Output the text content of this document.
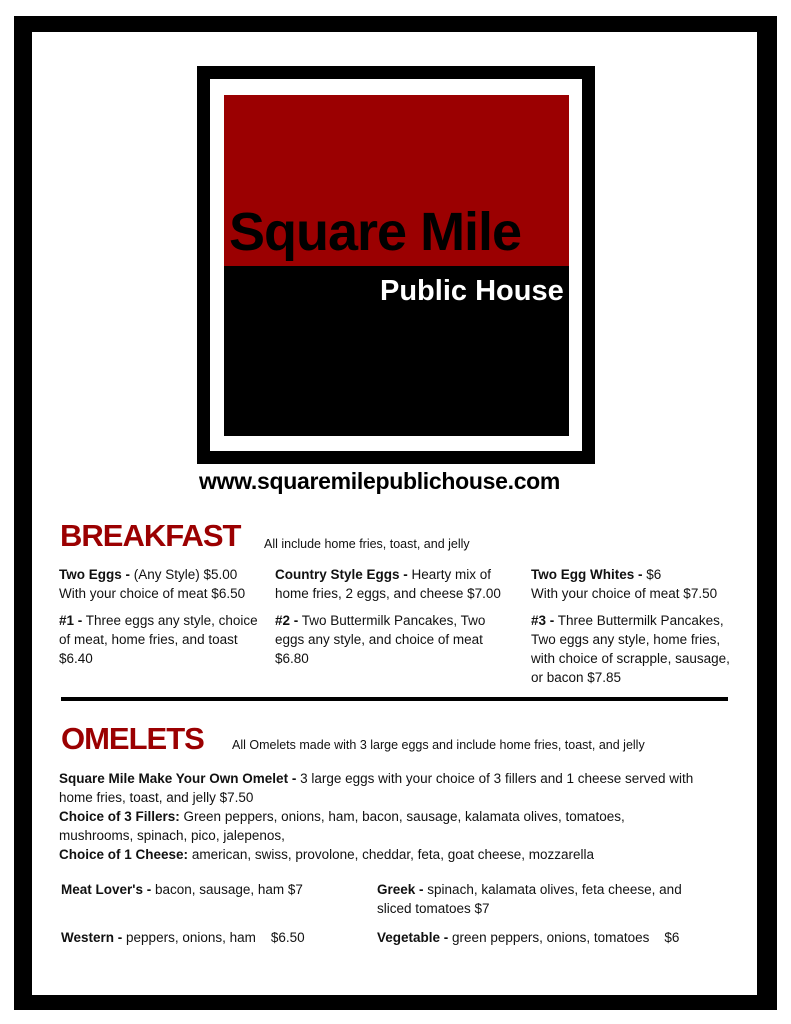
Square Mile
Public House
www.squaremilepublichouse.com
BREAKFAST All include home fries, toast, and jelly
Two Eggs - (Any Style) $5.00
With your choice of meat $6.50
Country Style Eggs - Hearty mix of
home fries, 2 eggs, and cheese $7.00
Two Egg Whites - $6
With your choice of meat $7.50
#1 - Three eggs any style, choice of meat, home fries, and toast $6.40
#2 - Two Buttermilk Pancakes, Two eggs any style, and choice of meat $6.80
#3 - Three Buttermilk Pancakes, Two eggs any style, home fries, with choice of scrapple, sausage, or bacon $7.85
OMELETS All Omelets made with 3 large eggs and include home fries, toast, and jelly
Square Mile Make Your Own Omelet - 3 large eggs with your choice of 3 fillers and 1 cheese served with home fries, toast, and jelly $7.50
Choice of 3 Fillers: Green peppers, onions, ham, bacon, sausage, kalamata olives, tomatoes, mushrooms, spinach, pico, jalepenos,
Choice of 1 Cheese: american, swiss, provolone, cheddar, feta, goat cheese, mozzarella
Meat Lover's - bacon, sausage, ham $7	Greek - spinach, kalamata olives, feta cheese, and sliced tomatoes $7
Western - peppers, onions, ham    $6.50	Vegetable - green peppers, onions, tomatoes    $6
